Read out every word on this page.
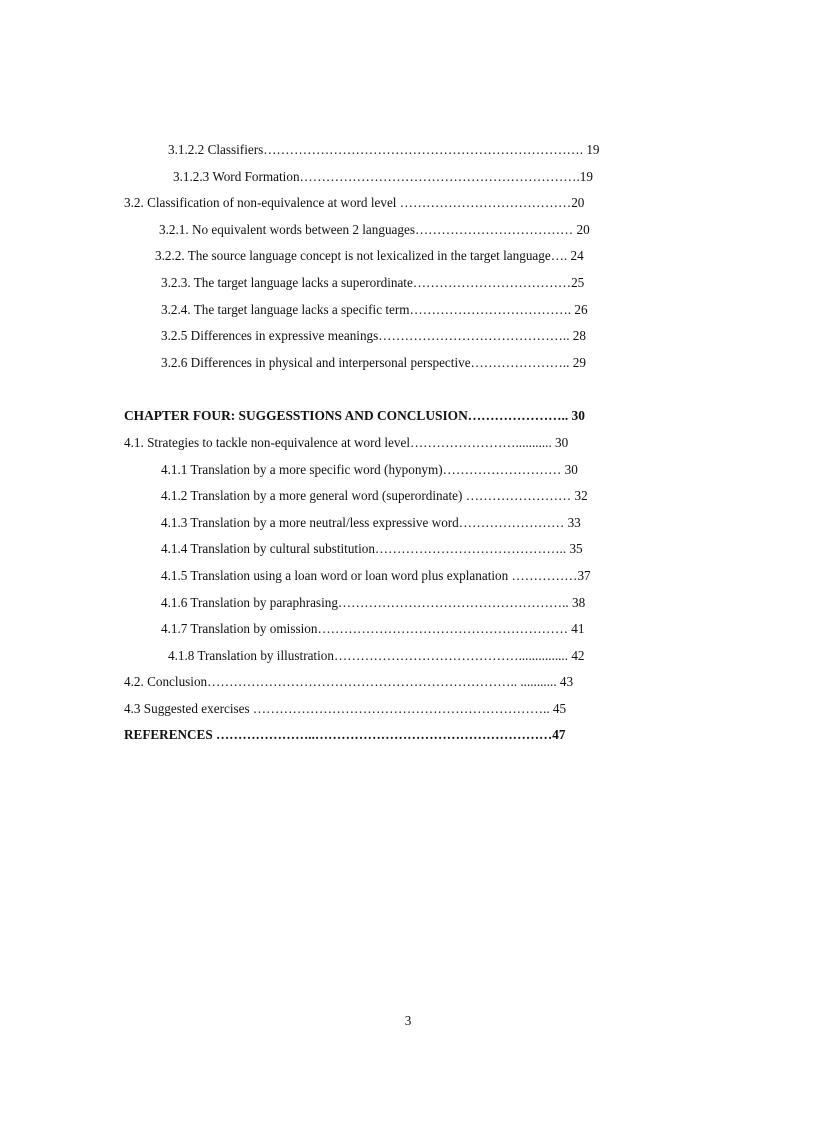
3.1.2.2 Classifiers………………………………………………………………. 19
3.1.2.3 Word Formation……………………………………………………….19
3.2. Classification of non-equivalence at word level …………………………………20
3.2.1. No equivalent words between 2 languages……………………………… 20
3.2.2. The source language concept is not lexicalized in the target language…. 24
3.2.3. The target language lacks a superordinate………………………………25
3.2.4. The target language lacks a specific term………………………………. 26
3.2.5 Differences in expressive meanings…………………………………….. 28
3.2.6 Differences in physical and interpersonal perspective………………….. 29
CHAPTER FOUR: SUGGESSTIONS AND CONCLUSION………………….. 30
4.1. Strategies to tackle non-equivalence at word level……………………........... 30
4.1.1 Translation by a more specific word (hyponym)……………………… 30
4.1.2 Translation by a more general word (superordinate) …………………… 32
4.1.3 Translation by a more neutral/less expressive word…………………… 33
4.1.4 Translation by cultural substitution…………………………………….. 35
4.1.5 Translation using a loan word or loan word plus explanation ……………37
4.1.6 Translation by paraphrasing…………………………………………….. 38
4.1.7 Translation by omission………………………………………………… 41
4.1.8 Translation by illustration……………………………………............... 42
4.2. Conclusion…………………………………………………………….. ........... 43
4.3 Suggested exercises ………………………………………………………….. 45
REFERENCES …………………..………………………………………………47
3
